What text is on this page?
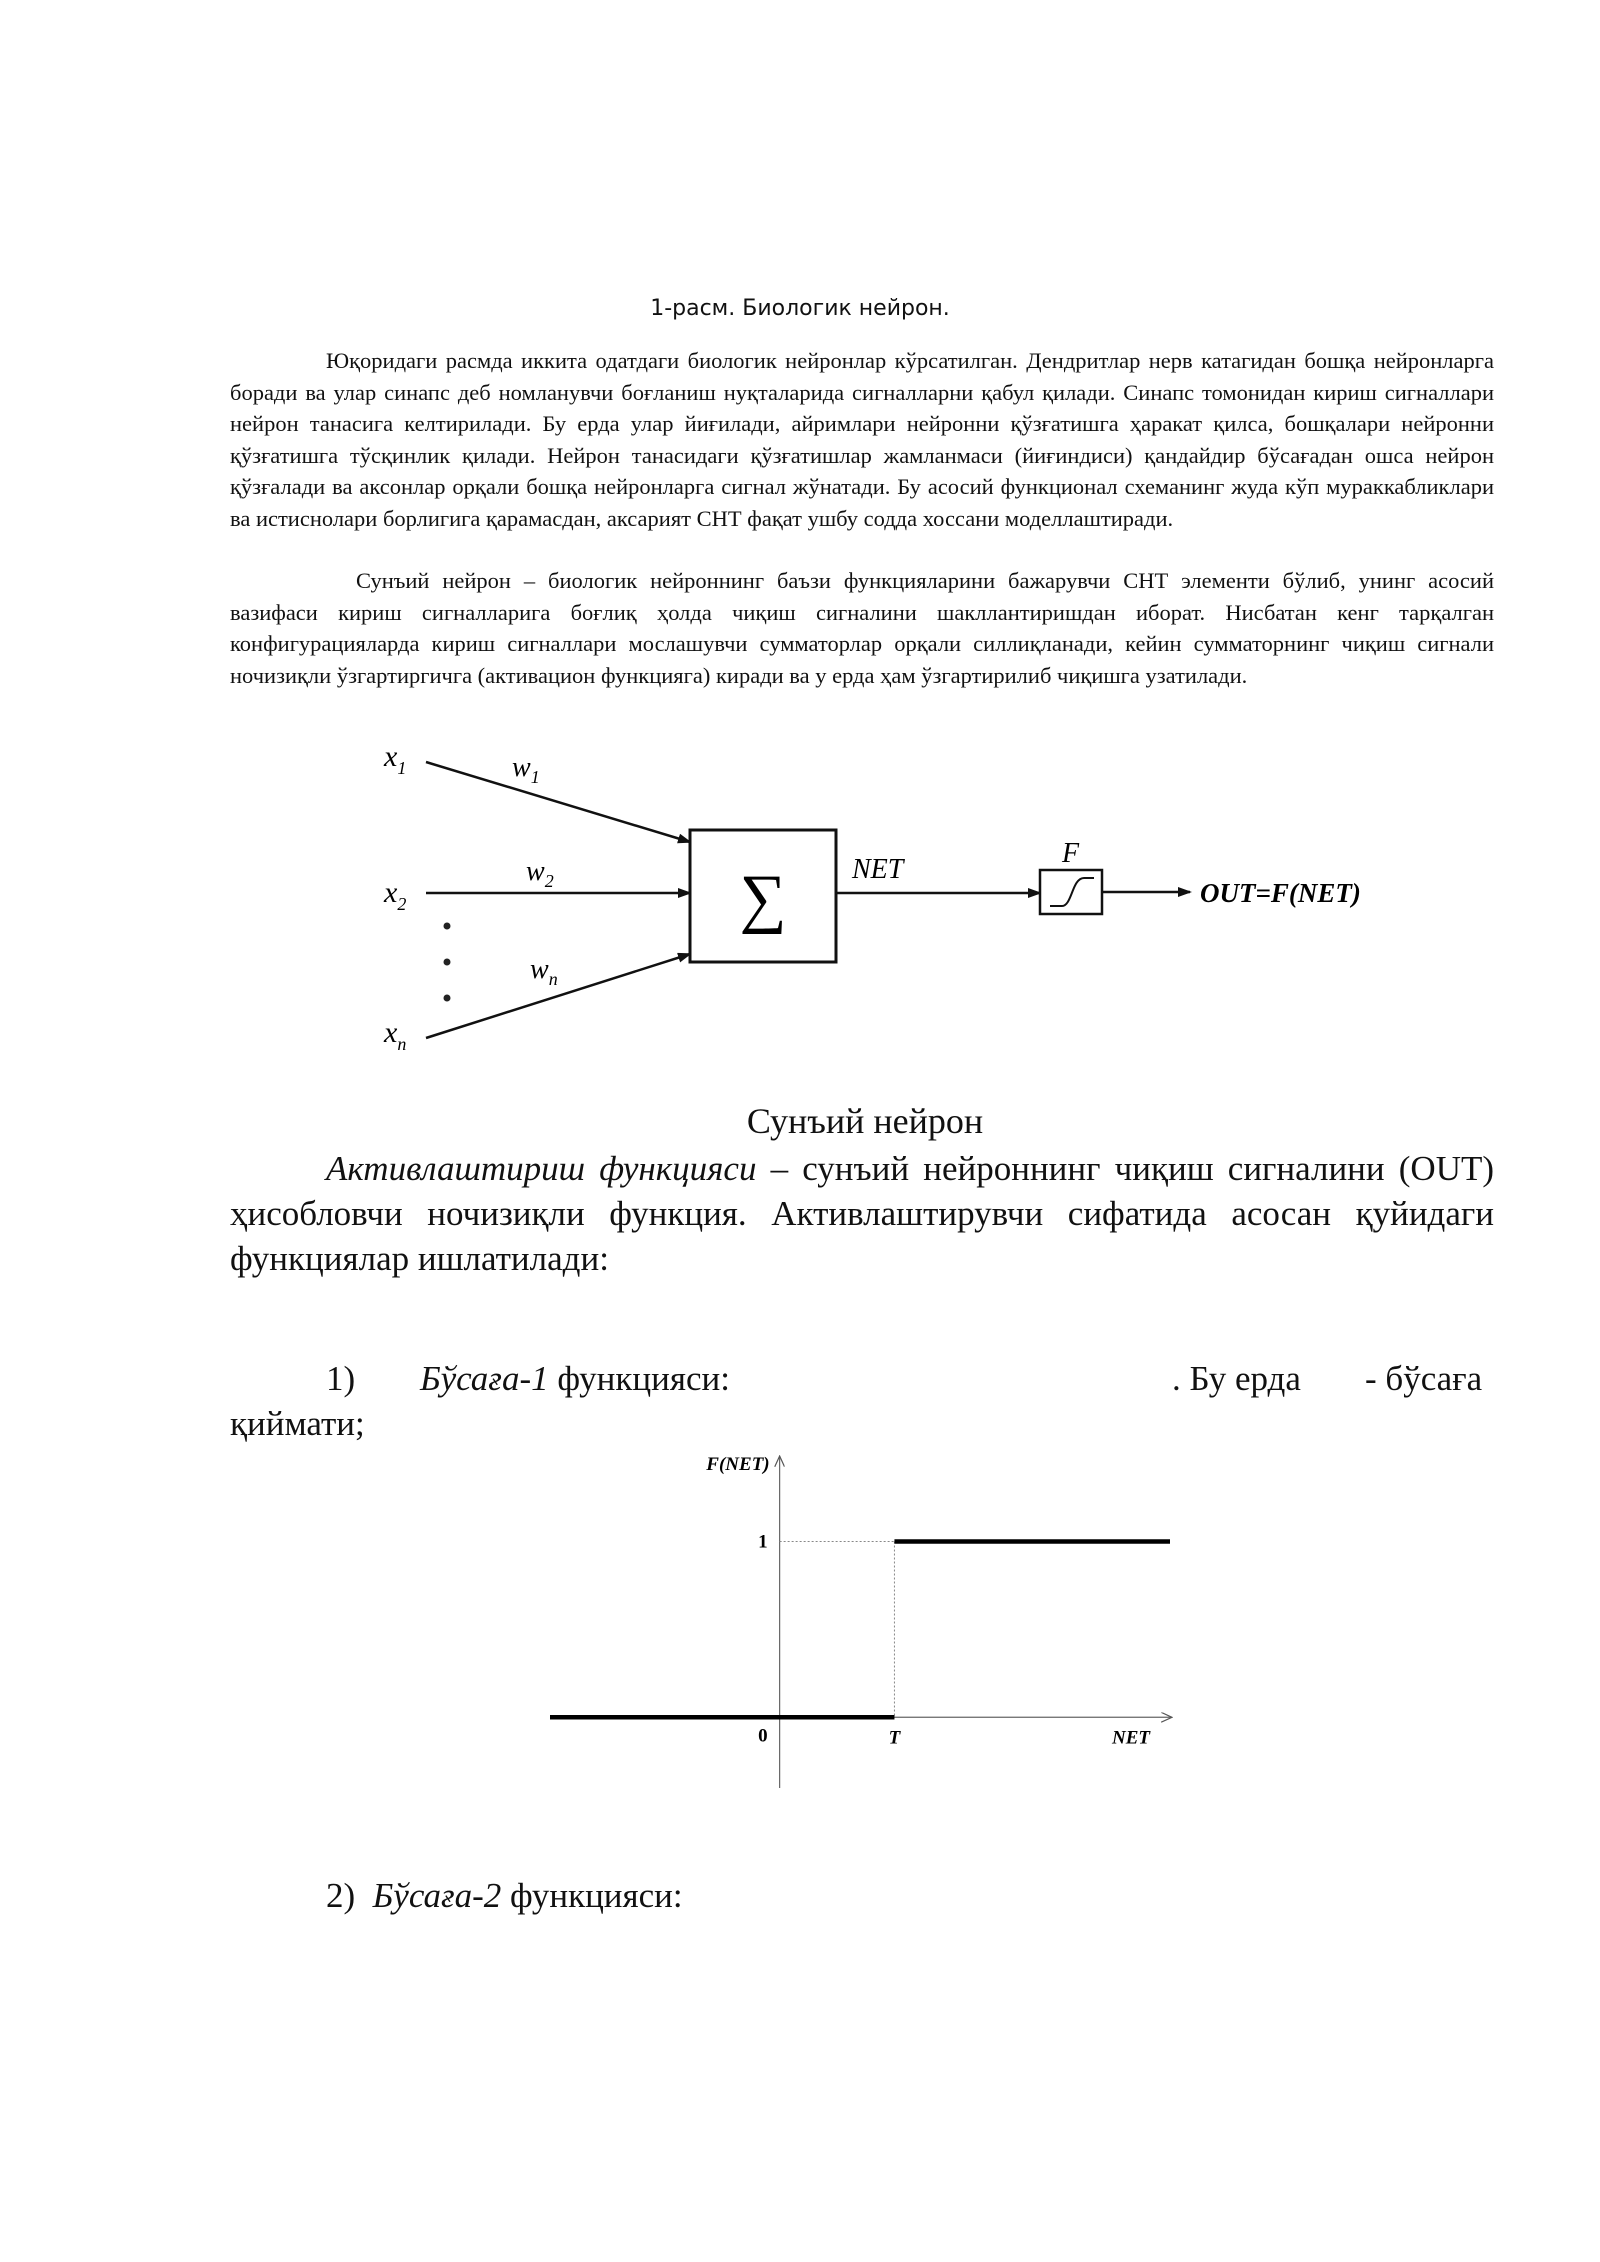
1-расм. Биологик нейрон.
Юқоридаги расмда иккита одатдаги биологик нейронлар кўрсатилган. Дендритлар нерв катагидан бошқа нейронларга боради ва улар синапс деб номланувчи боғланиш нуқталарида сигналларни қабул қилади. Синапс томонидан кириш сигналлари нейрон танасига келтирилади. Бу ерда улар йиғилади, айримлари нейронни қўзғатишга ҳаракат қилса, бошқалари нейронни қўзғатишга тўсқинлик қилади. Нейрон танасидаги қўзғатишлар жамланмаси (йиғиндиси) қандайдир бўсағадан ошса нейрон қўзғалади ва аксонлар орқали бошқа нейронларга сигнал жўнатади. Бу асосий функционал схеманинг жуда кўп мураккабликлари ва истиснолари борлигига қарамасдан, аксарият СНТ фақат ушбу содда хоссани моделлаштиради.
Сунъий нейрон – биологик нейроннинг баъзи функцияларини бажарувчи СНТ элементи бўлиб, унинг асосий вазифаси кириш сигналларига боғлиқ ҳолда чиқиш сигналини шакллантиришдан иборат. Нисбатан кенг тарқалган конфигурацияларда кириш сигналлари мослашувчи сумматорлар орқали силлиқланади, кейин сумматорнинг чиқиш сигнали ночизиқли ўзгартиргичга (активацион функцияга) киради ва у ерда ҳам ўзгартирилиб чиқишга узатилади.
$x_1$
$x_2$
$x_n$
$w_1$
$w_2$
$w_n$
∑ NET
F
OUT=F(NET)
Сунъий нейрон
Активлаштириш функцияси – сунъий нейроннинг чиқиш сигналини (OUT) ҳисобловчи ночизиқли функция. Активлаштирувчи сифатида асосан қуйидаги функциялар ишлатилади:
1) Бўсаға-1 функцияси:	. Бу ерда - бўсаға
қиймати;
F(NET)
1
0	T	NET
2) Бўсаға-2 функцияси:
